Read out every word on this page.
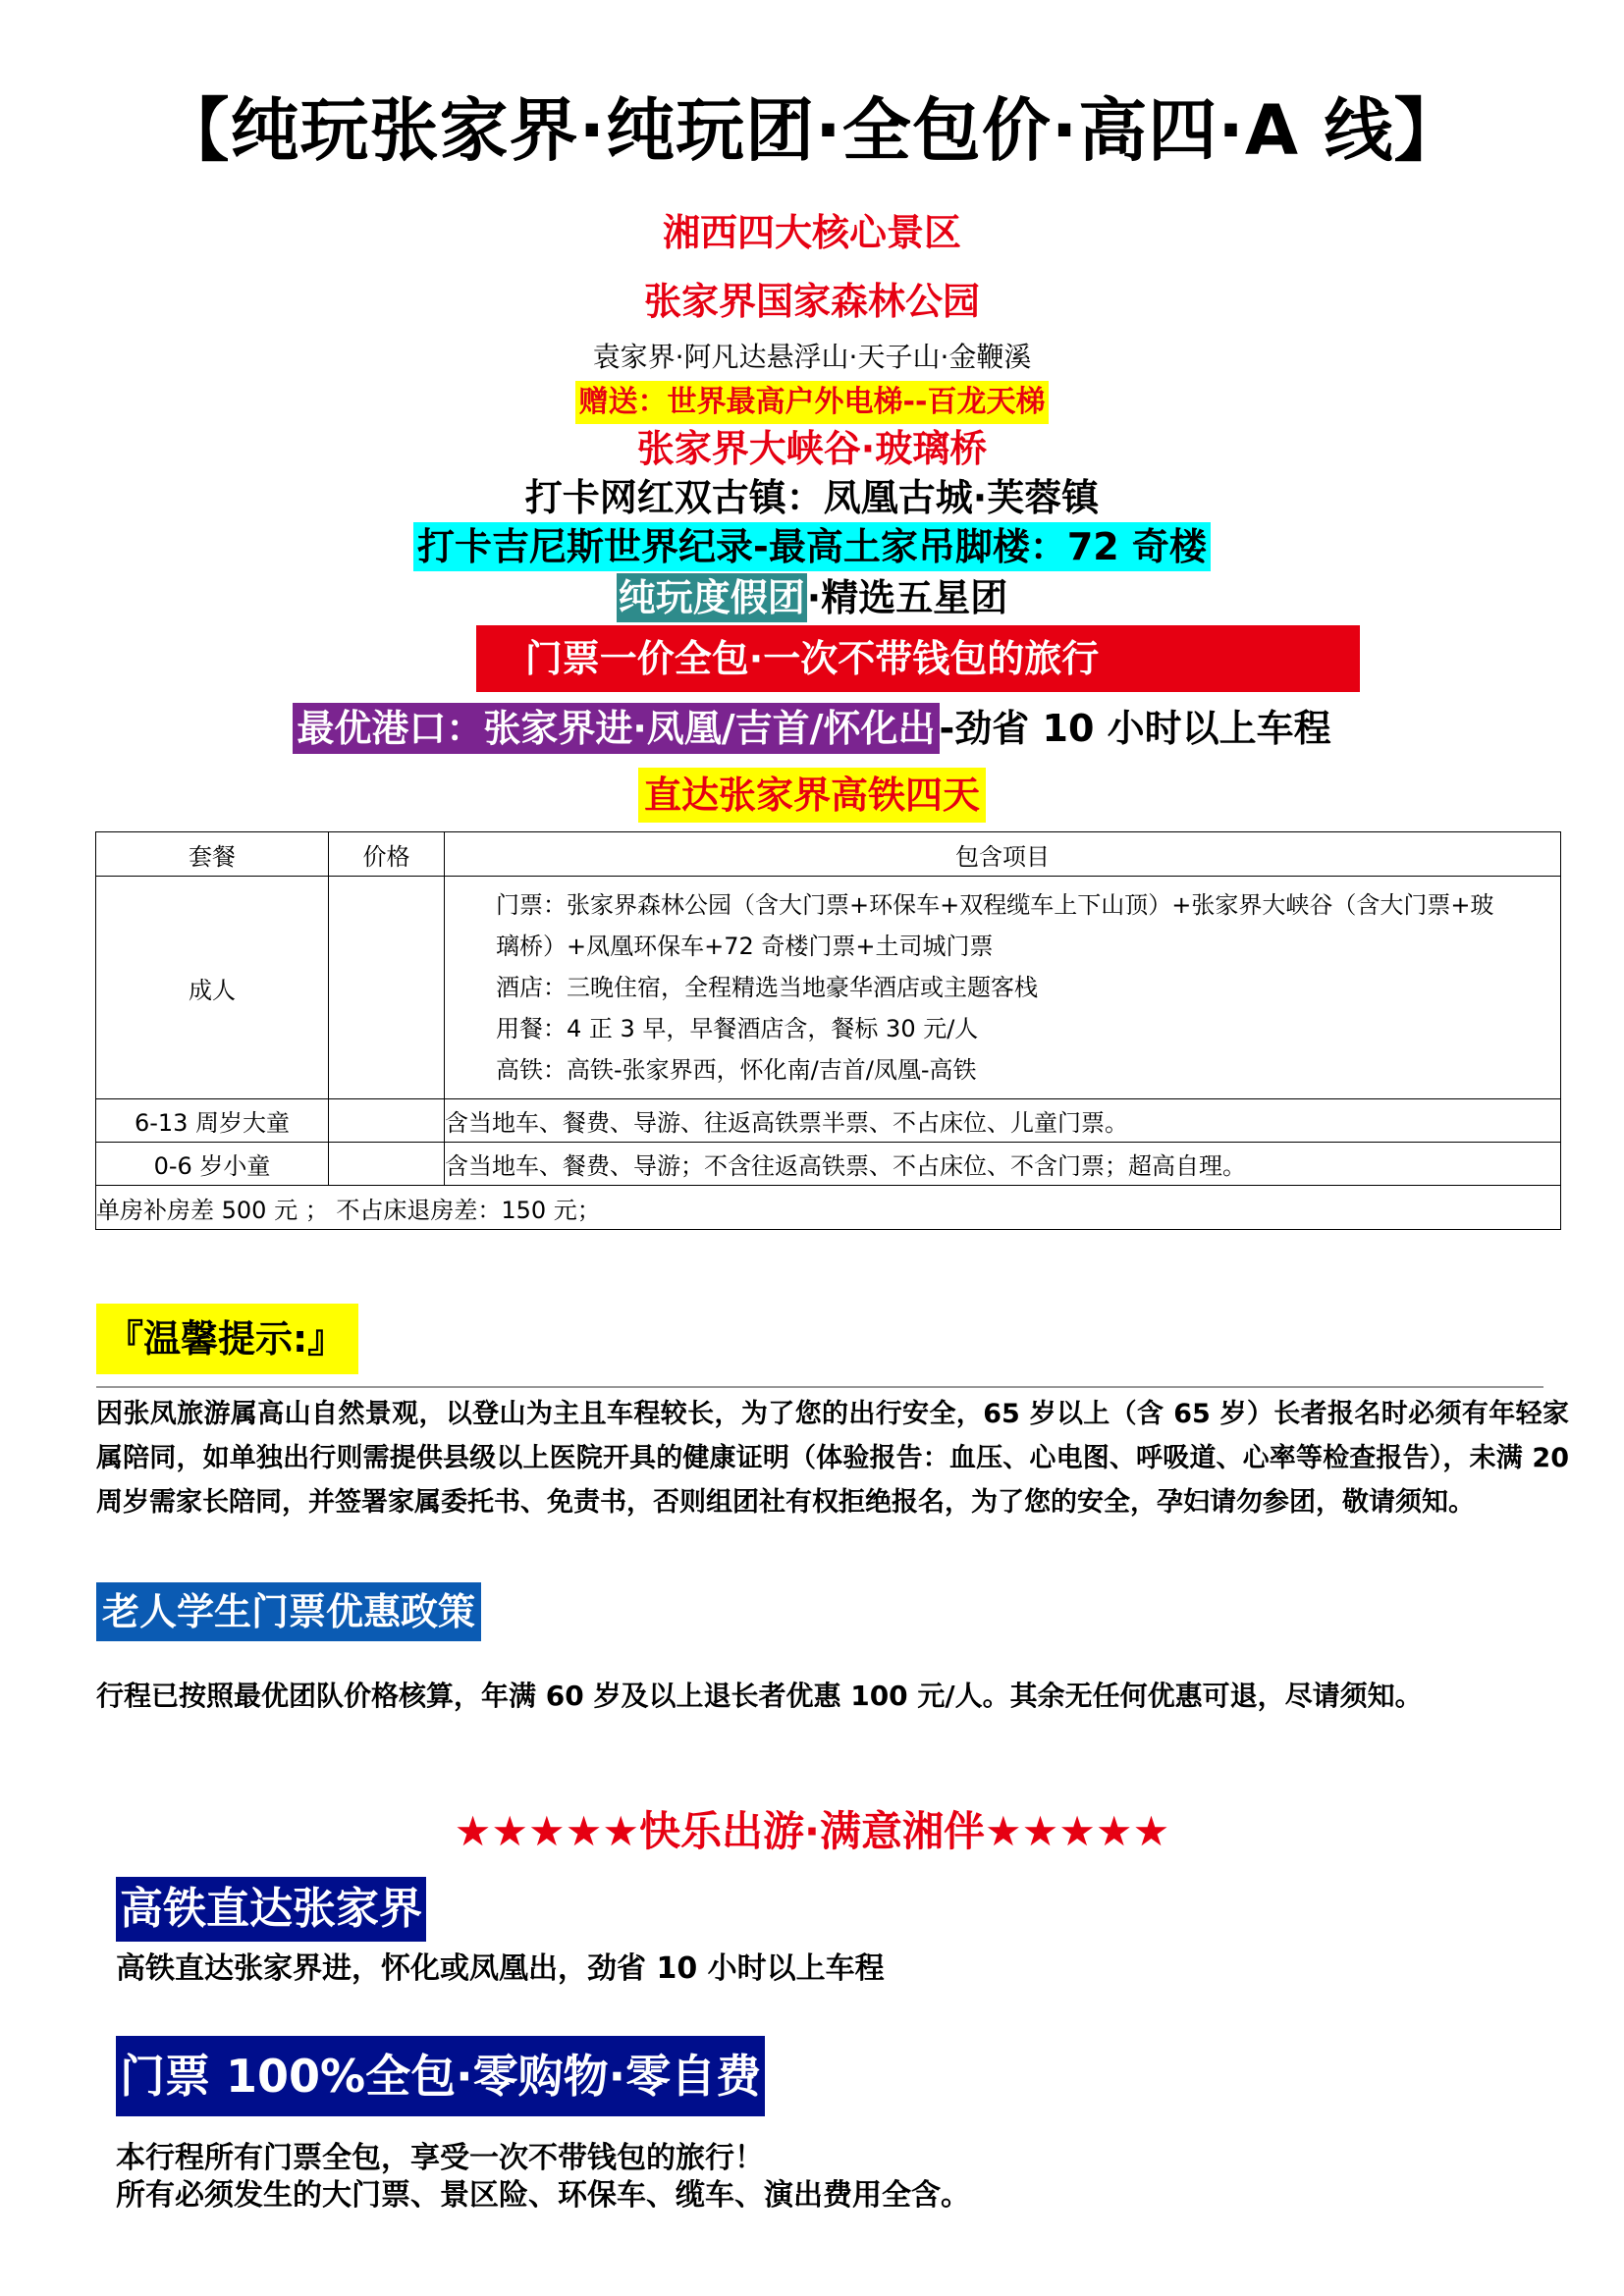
【纯玩张家界·纯玩团·全包价·高四·A 线】
湘西四大核心景区
张家界国家森林公园
袁家界·阿凡达悬浮山·天子山·金鞭溪
赠送：世界最高户外电梯--百龙天梯
张家界大峡谷·玻璃桥
打卡网红双古镇：凤凰古城·芙蓉镇
打卡吉尼斯世界纪录-最高土家吊脚楼：72 奇楼
纯玩度假团·精选五星团
门票一价全包·一次不带钱包的旅行
最优港口：张家界进·凤凰/吉首/怀化出 -劲省 10 小时以上车程
直达张家界高铁四天
套餐	价格	包含项目
成人		门票：张家界森林公园（含大门票+环保车+双程缆车上下山顶）+张家界大峡谷（含大门票+玻
璃桥）+凤凰环保车+72 奇楼门票+土司城门票
酒店：三晚住宿，全程精选当地豪华酒店或主题客栈
用餐：4 正 3 早，早餐酒店含，餐标 30 元/人
高铁：高铁-张家界西，怀化南/吉首/凤凰-高铁

6-13 周岁大童		含当地车、餐费、导游、往返高铁票半票、不占床位、儿童门票。
0-6 岁小童		含当地车、餐费、导游；不含往返高铁票、不占床位、不含门票；超高自理。
单房补房差 500 元 ； 不占床退房差：150 元；		
『温馨提示:』
因张凤旅游属高山自然景观，以登山为主且车程较长，为了您的出行安全，65 岁以上（含 65 岁）长者报名时必须有年轻家属陪同，如单独出行则需提供县级以上医院开具的健康证明（体验报告：血压、心电图、呼吸道、心率等检查报告），未满 20 周岁需家长陪同，并签署家属委托书、免责书，否则组团社有权拒绝报名，为了您的安全，孕妇请勿参团，敬请须知。
老人学生门票优惠政策
行程已按照最优团队价格核算，年满 60 岁及以上退长者优惠 100 元/人。其余无任何优惠可退，尽请须知。
★★★★★快乐出游·满意湘伴★★★★★
高铁直达张家界
高铁直达张家界进，怀化或凤凰出，劲省 10 小时以上车程
门票 100%全包·零购物·零自费
本行程所有门票全包，享受一次不带钱包的旅行！
所有必须发生的大门票、景区险、环保车、缆车、演出费用全含。
